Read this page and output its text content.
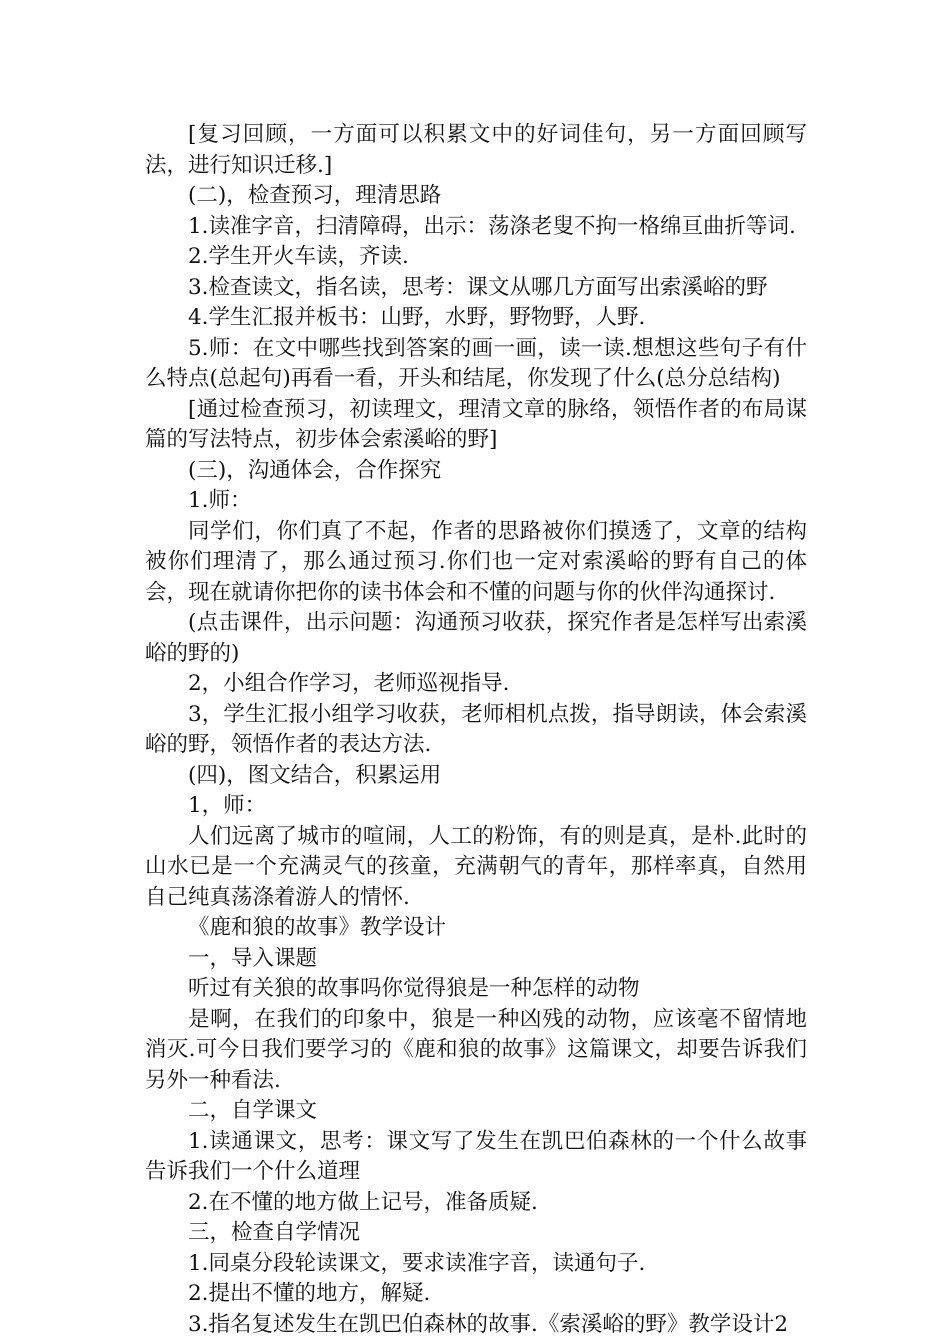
[复习回顾，一方面可以积累文中的好词佳句，另一方面回顾写法，进行知识迁移.]

(二)，检查预习，理清思路

1.读准字音，扫清障碍，出示：荡涤老叟不拘一格绵亘曲折等词.

2.学生开火车读，齐读.

3.检查读文，指名读，思考：课文从哪几方面写出索溪峪的野

4.学生汇报并板书：山野，水野，野物野，人野.

5.师：在文中哪些找到答案的画一画，读一读.想想这些句子有什么特点(总起句)再看一看，开头和结尾，你发现了什么(总分总结构)

[通过检查预习，初读理文，理清文章的脉络，领悟作者的布局谋篇的写法特点，初步体会索溪峪的野]

(三)，沟通体会，合作探究

1.师：

同学们，你们真了不起，作者的思路被你们摸透了，文章的结构被你们理清了，那么通过预习.你们也一定对索溪峪的野有自己的体会，现在就请你把你的读书体会和不懂的问题与你的伙伴沟通探讨.

(点击课件，出示问题：沟通预习收获，探究作者是怎样写出索溪峪的野的)

2，小组合作学习，老师巡视指导.

3，学生汇报小组学习收获，老师相机点拨，指导朗读，体会索溪峪的野，领悟作者的表达方法.

(四)，图文结合，积累运用

1，师：

人们远离了城市的喧闹，人工的粉饰，有的则是真，是朴.此时的山水已是一个充满灵气的孩童，充满朝气的青年，那样率真，自然用自己纯真荡涤着游人的情怀.

《鹿和狼的故事》教学设计

一，导入课题

听过有关狼的故事吗你觉得狼是一种怎样的动物

是啊，在我们的印象中，狼是一种凶残的动物，应该毫不留情地消灭.可今日我们要学习的《鹿和狼的故事》这篇课文，却要告诉我们另外一种看法.

二，自学课文

1.读通课文，思考：课文写了发生在凯巴伯森林的一个什么故事告诉我们一个什么道理

2.在不懂的地方做上记号，准备质疑.

三，检查自学情况

1.同桌分段轮读课文，要求读准字音，读通句子.

2.提出不懂的地方，解疑.

3.指名复述发生在凯巴伯森林的故事.《索溪峪的野》教学设计2
